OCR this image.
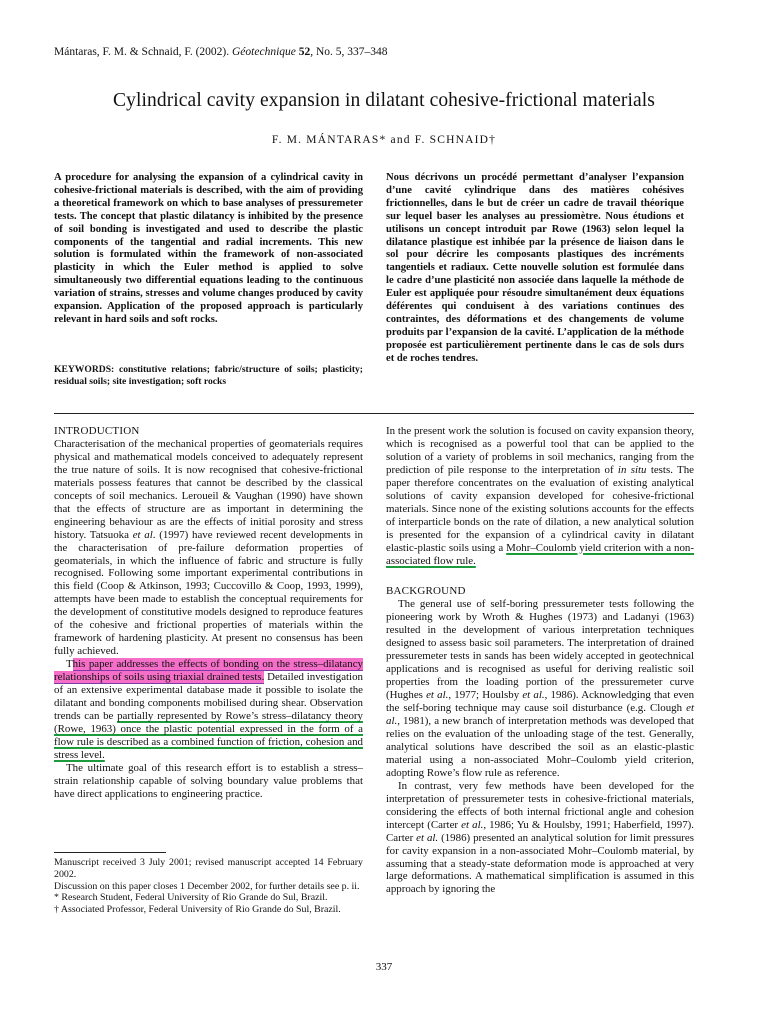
Mántaras, F. M. & Schnaid, F. (2002). Géotechnique 52, No. 5, 337–348
Cylindrical cavity expansion in dilatant cohesive-frictional materials
F. M. MÁNTARAS* and F. SCHNAID†
A procedure for analysing the expansion of a cylindrical cavity in cohesive-frictional materials is described, with the aim of providing a theoretical framework on which to base analyses of pressuremeter tests. The concept that plastic dilatancy is inhibited by the presence of soil bonding is investigated and used to describe the plastic components of the tangential and radial increments. This new solution is formulated within the framework of non-associated plasticity in which the Euler method is applied to solve simultaneously two differential equations leading to the continuous variation of strains, stresses and volume changes produced by cavity expansion. Application of the proposed approach is particularly relevant in hard soils and soft rocks.
KEYWORDS: constitutive relations; fabric/structure of soils; plasticity; residual soils; site investigation; soft rocks
Nous décrivons un procédé permettant d’analyser l’expansion d’une cavité cylindrique dans des matières cohésives frictionnelles, dans le but de créer un cadre de travail théorique sur lequel baser les analyses au pressiomètre. Nous étudions et utilisons un concept introduit par Rowe (1963) selon lequel la dilatance plastique est inhibée par la présence de liaison dans le sol pour décrire les composants plastiques des incréments tangentiels et radiaux. Cette nouvelle solution est formulée dans le cadre d’une plasticité non associée dans laquelle la méthode de Euler est appliquée pour résoudre simultanément deux équations déférentes qui conduisent à des variations continues des contraintes, des déformations et des changements de volume produits par l’expansion de la cavité. L’application de la méthode proposée est particulièrement pertinente dans le cas de sols durs et de roches tendres.
INTRODUCTION

Characterisation of the mechanical properties of geomaterials requires physical and mathematical models conceived to adequately represent the true nature of soils. It is now recognised that cohesive-frictional materials possess features that cannot be described by the classical concepts of soil mechanics. Leroueil & Vaughan (1990) have shown that the effects of structure are as important in determining the engineering behaviour as are the effects of initial porosity and stress history. Tatsuoka et al. (1997) have reviewed recent developments in the characterisation of pre-failure deformation properties of geomaterials, in which the influence of fabric and structure is fully recognised. Following some important experimental contributions in this field (Coop & Atkinson, 1993; Cuccovillo & Coop, 1993, 1999), attempts have been made to establish the conceptual requirements for the development of constitutive models designed to reproduce features of the cohesive and frictional properties of materials within the framework of hardening plasticity. At present no consensus has been fully achieved.

This paper addresses the effects of bonding on the stress–dilatancy relationships of soils using triaxial drained tests. Detailed investigation of an extensive experimental database made it possible to isolate the dilatant and bonding components mobilised during shear. Observation trends can be partially represented by Rowe’s stress–dilatancy theory (Rowe, 1963) once the plastic potential expressed in the form of a flow rule is described as a combined function of friction, cohesion and stress level.

The ultimate goal of this research effort is to establish a stress–strain relationship capable of solving boundary value problems that have direct applications to engineering practice.

In the present work the solution is focused on cavity expansion theory, which is recognised as a powerful tool that can be applied to the solution of a variety of problems in soil mechanics, ranging from the prediction of pile response to the interpretation of in situ tests. The paper therefore concentrates on the evaluation of existing analytical solutions of cavity expansion developed for cohesive-frictional materials. Since none of the existing solutions accounts for the effects of interparticle bonds on the rate of dilation, a new analytical solution is presented for the expansion of a cylindrical cavity in dilatant elastic-plastic soils using a Mohr–Coulomb yield criterion with a non-associated flow rule.

BACKGROUND

The general use of self-boring pressuremeter tests following the pioneering work by Wroth & Hughes (1973) and Ladanyi (1963) resulted in the development of various interpretation techniques designed to assess basic soil parameters. The interpretation of drained pressuremeter tests in sands has been widely accepted in geotechnical applications and is recognised as useful for deriving realistic soil properties from the loading portion of the pressuremeter curve (Hughes et al., 1977; Houlsby et al., 1986). Acknowledging that even the self-boring technique may cause soil disturbance (e.g. Clough et al., 1981), a new branch of interpretation methods was developed that relies on the evaluation of the unloading stage of the test. Generally, analytical solutions have described the soil as an elastic-plastic material using a non-associated Mohr–Coulomb yield criterion, adopting Rowe’s flow rule as reference.

In contrast, very few methods have been developed for the interpretation of pressuremeter tests in cohesive-frictional materials, considering the effects of both internal frictional angle and cohesion intercept (Carter et al., 1986; Yu & Houlsby, 1991; Haberfield, 1997). Carter et al. (1986) presented an analytical solution for limit pressures for cavity expansion in a non-associated Mohr–Coulomb material, by assuming that a steady-state deformation mode is approached at very large deformations. A mathematical simplification is assumed in this approach by ignoring the

Manuscript received 3 July 2001; revised manuscript accepted 14 February 2002.

Discussion on this paper closes 1 December 2002, for further details see p. ii.

* Research Student, Federal University of Rio Grande do Sul, Brazil.

† Associated Professor, Federal University of Rio Grande do Sul, Brazil.

337
